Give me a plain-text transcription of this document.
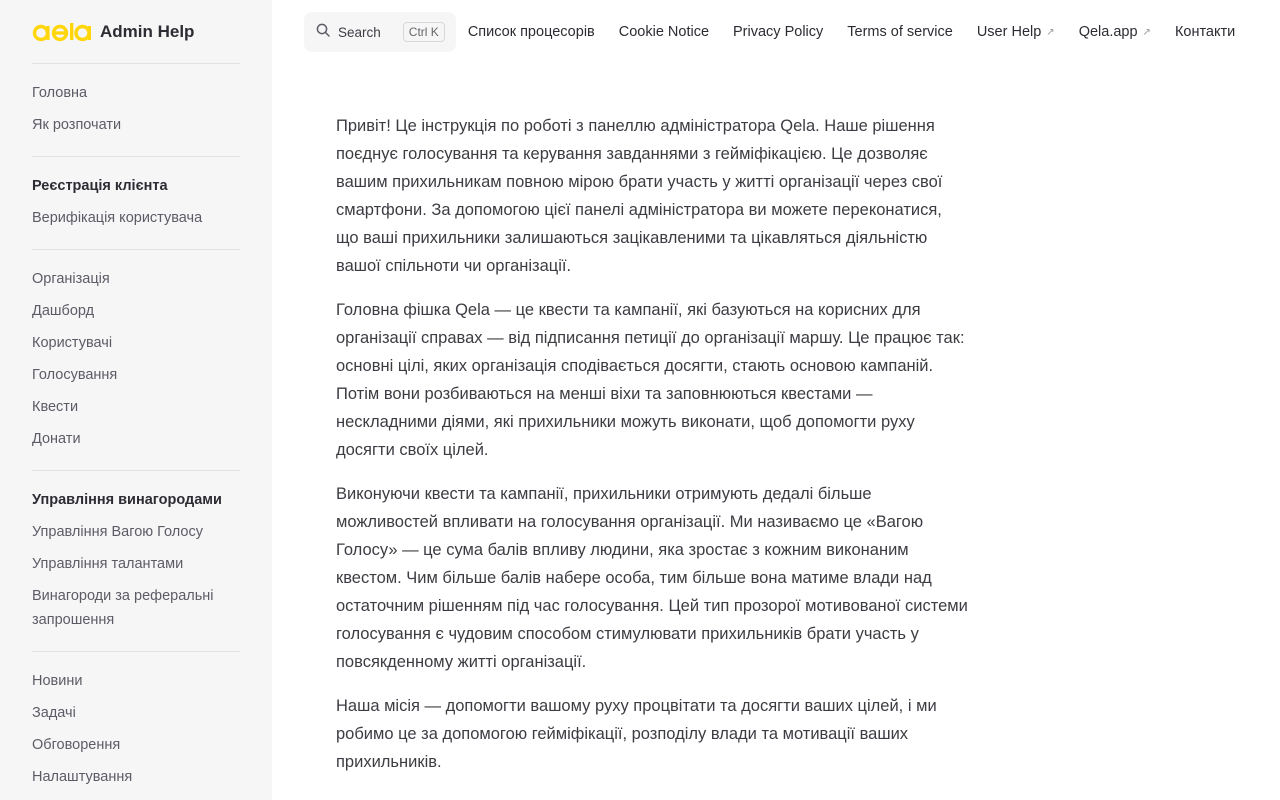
Admin Help
Головна
Як розпочати
Реєстрація клієнта
Верифікація користувача
Організація
Дашборд
Користувачі
Голосування
Квести
Донати
Управління винагородами
Управління Вагою Голосу
Управління талантами
Винагороди за реферальні запрошення
Новини
Задачі
Обговорення
Налаштування
Search	Ctrl K	Список процесорів Cookie Notice Privacy Policy Terms of service User Help ↗ Qela.app ↗ Контакти

Привіт! Це інструкція по роботі з панеллю адміністратора Qela. Наше рішення поєднує голосування та керування завданнями з гейміфікацією. Це дозволяє вашим прихильникам повною мірою брати участь у житті організації через свої смартфони. За допомогою цієї панелі адміністратора ви можете переконатися, що ваші прихильники залишаються зацікавленими та цікавляться діяльністю вашої спільноти чи організації.

Головна фішка Qela — це квести та кампанії, які базуються на корисних для організації справах — від підписання петиції до організації маршу. Це працює так: основні цілі, яких організація сподівається досягти, стають основою кампаній. Потім вони розбиваються на менші віхи та заповнюються квестами — нескладними діями, які прихильники можуть виконати, щоб допомогти руху досягти своїх цілей.

Виконуючи квести та кампанії, прихильники отримують дедалі більше можливостей впливати на голосування організації. Ми називаємо це «Вагою Голосу» — це сума балів впливу людини, яка зростає з кожним виконаним квестом. Чим більше балів набере особа, тим більше вона матиме влади над остаточним рішенням під час голосування. Цей тип прозорої мотивованої системи голосування є чудовим способом стимулювати прихильників брати участь у повсякденному житті організації.

Наша місія — допомогти вашому руху процвітати та досягти ваших цілей, і ми робимо це за допомогою гейміфікації, розподілу влади та мотивації ваших прихильників.
